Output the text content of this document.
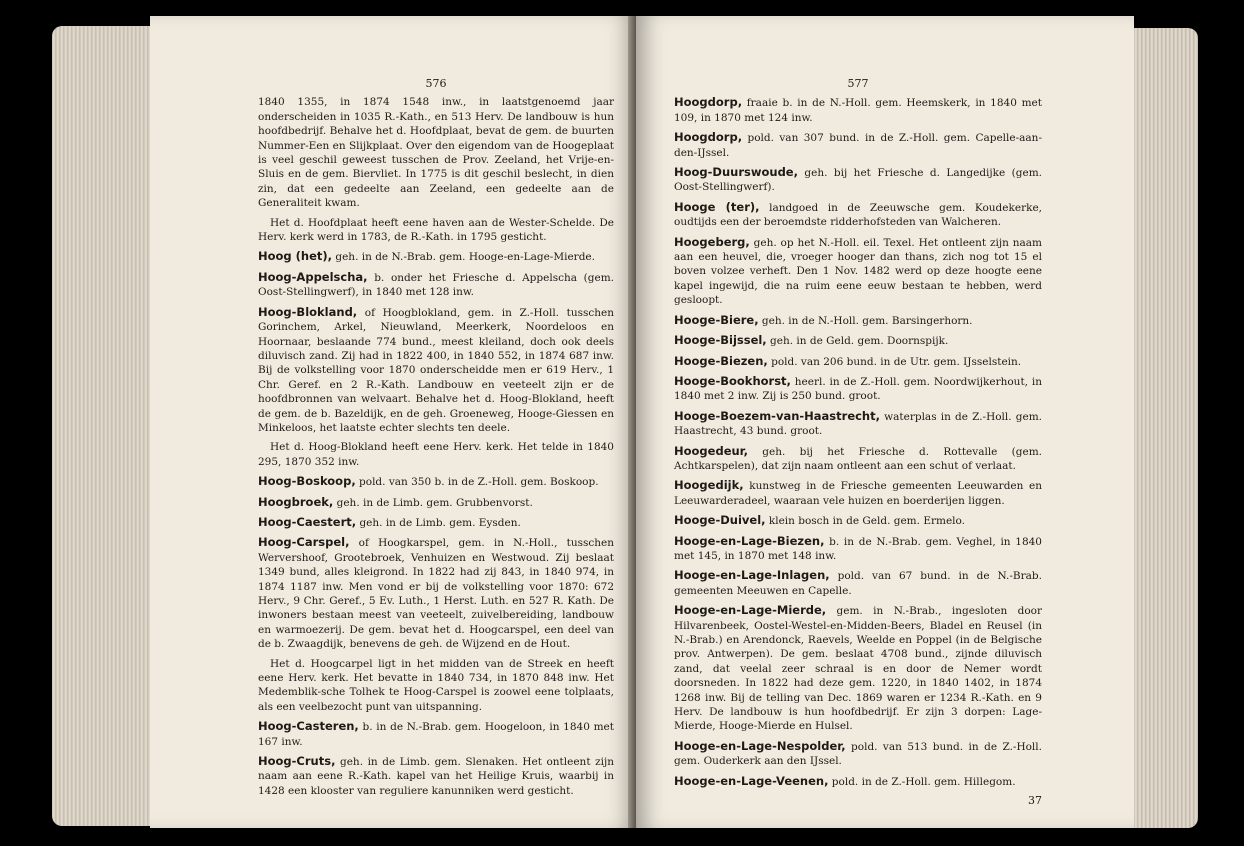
576

1840 1355, in 1874 1548 inw., in laatstgenoemd jaar onderscheiden in 1035 R.-Kath., en 513 Herv. De landbouw is hun hoofdbedrijf. Behalve het d. Hoofdplaat, bevat de gem. de buurten Nummer-Een en Slijkplaat. Over den eigendom van de Hoogeplaat is veel geschil geweest tusschen de Prov. Zeeland, het Vrije-en-Sluis en de gem. Biervliet. In 1775 is dit geschil beslecht, in dien zin, dat een gedeelte aan Zeeland, een gedeelte aan de Generaliteit kwam.

Het d. Hoofdplaat heeft eene haven aan de Wester-Schelde. De Herv. kerk werd in 1783, de R.-Kath. in 1795 gesticht.

Hoog (het), geh. in de N.-Brab. gem. Hooge-en-Lage-Mierde.

Hoog-Appelscha, b. onder het Friesche d. Appelscha (gem. Oost-Stellingwerf), in 1840 met 128 inw.

Hoog-Blokland, of Hoogblokland, gem. in Z.-Holl. tusschen Gorinchem, Arkel, Nieuwland, Meerkerk, Noordeloos en Hoornaar, beslaande 774 bund., meest kleiland, doch ook deels diluvisch zand. Zij had in 1822 400, in 1840 552, in 1874 687 inw. Bij de volkstelling voor 1870 onderscheidde men er 619 Herv., 1 Chr. Geref. en 2 R.-Kath. Landbouw en veeteelt zijn er de hoofdbronnen van welvaart. Behalve het d. Hoog-Blokland, heeft de gem. de b. Bazeldijk, en de geh. Groeneweg, Hooge-Giessen en Minkeloos, het laatste echter slechts ten deele.

Het d. Hoog-Blokland heeft eene Herv. kerk. Het telde in 1840 295, 1870 352 inw.

Hoog-Boskoop, pold. van 350 b. in de Z.-Holl. gem. Boskoop.

Hoogbroek, geh. in de Limb. gem. Grubbenvorst.

Hoog-Caestert, geh. in de Limb. gem. Eysden.

Hoog-Carspel, of Hoogkarspel, gem. in N.-Holl., tusschen Wervershoof, Grootebroek, Venhuizen en Westwoud. Zij beslaat 1349 bund, alles kleigrond. In 1822 had zij 843, in 1840 974, in 1874 1187 inw. Men vond er bij de volkstelling voor 1870: 672 Herv., 9 Chr. Geref., 5 Ev. Luth., 1 Herst. Luth. en 527 R. Kath. De inwoners bestaan meest van veeteelt, zuivelbereiding, landbouw en warmoezerij. De gem. bevat het d. Hoogcarspel, een deel van de b. Zwaagdijk, benevens de geh. de Wijzend en de Hout.

Het d. Hoogcarpel ligt in het midden van de Streek en heeft eene Herv. kerk. Het bevatte in 1840 734, in 1870 848 inw. Het Medemblik-sche Tolhek te Hoog-Carspel is zoowel eene tolplaats, als een veelbezocht punt van uitspanning.

Hoog-Casteren, b. in de N.-Brab. gem. Hoogeloon, in 1840 met 167 inw.

Hoog-Cruts, geh. in de Limb. gem. Slenaken. Het ontleent zijn naam aan eene R.-Kath. kapel van het Heilige Kruis, waarbij in 1428 een klooster van reguliere kanunniken werd gesticht.

577

Hoogdorp, fraaie b. in de N.-Holl. gem. Heemskerk, in 1840 met 109, in 1870 met 124 inw.

Hoogdorp, pold. van 307 bund. in de Z.-Holl. gem. Capelle-aan-den-IJssel.

Hoog-Duurswoude, geh. bij het Friesche d. Langedijke (gem. Oost-Stellingwerf).

Hooge (ter), landgoed in de Zeeuwsche gem. Koudekerke, oudtijds een der beroemdste ridderhofsteden van Walcheren.

Hoogeberg, geh. op het N.-Holl. eil. Texel. Het ontleent zijn naam aan een heuvel, die, vroeger hooger dan thans, zich nog tot 15 el boven volzee verheft. Den 1 Nov. 1482 werd op deze hoogte eene kapel ingewijd, die na ruim eene eeuw bestaan te hebben, werd gesloopt.

Hooge-Biere, geh. in de N.-Holl. gem. Barsingerhorn.

Hooge-Bijssel, geh. in de Geld. gem. Doornspijk.

Hooge-Biezen, pold. van 206 bund. in de Utr. gem. IJsselstein.

Hooge-Bookhorst, heerl. in de Z.-Holl. gem. Noordwijkerhout, in 1840 met 2 inw. Zij is 250 bund. groot.

Hooge-Boezem-van-Haastrecht, waterplas in de Z.-Holl. gem. Haastrecht, 43 bund. groot.

Hoogedeur, geh. bij het Friesche d. Rottevalle (gem. Achtkarspelen), dat zijn naam ontleent aan een schut of verlaat.

Hoogedijk, kunstweg in de Friesche gemeenten Leeuwarden en Leeuwarderadeel, waaraan vele huizen en boerderijen liggen.

Hooge-Duivel, klein bosch in de Geld. gem. Ermelo.

Hooge-en-Lage-Biezen, b. in de N.-Brab. gem. Veghel, in 1840 met 145, in 1870 met 148 inw.

Hooge-en-Lage-Inlagen, pold. van 67 bund. in de N.-Brab. gemeenten Meeuwen en Capelle.

Hooge-en-Lage-Mierde, gem. in N.-Brab., ingesloten door Hilvarenbeek, Oostel-Westel-en-Midden-Beers, Bladel en Reusel (in N.-Brab.) en Arendonck, Raevels, Weelde en Poppel (in de Belgische prov. Antwerpen). De gem. beslaat 4708 bund., zijnde diluvisch zand, dat veelal zeer schraal is en door de Nemer wordt doorsneden. In 1822 had deze gem. 1220, in 1840 1402, in 1874 1268 inw. Bij de telling van Dec. 1869 waren er 1234 R.-Kath. en 9 Herv. De landbouw is hun hoofdbedrijf. Er zijn 3 dorpen: Lage-Mierde, Hooge-Mierde en Hulsel.

Hooge-en-Lage-Nespolder, pold. van 513 bund. in de Z.-Holl. gem. Ouderkerk aan den IJssel.

Hooge-en-Lage-Veenen, pold. in de Z.-Holl. gem. Hillegom.

37
